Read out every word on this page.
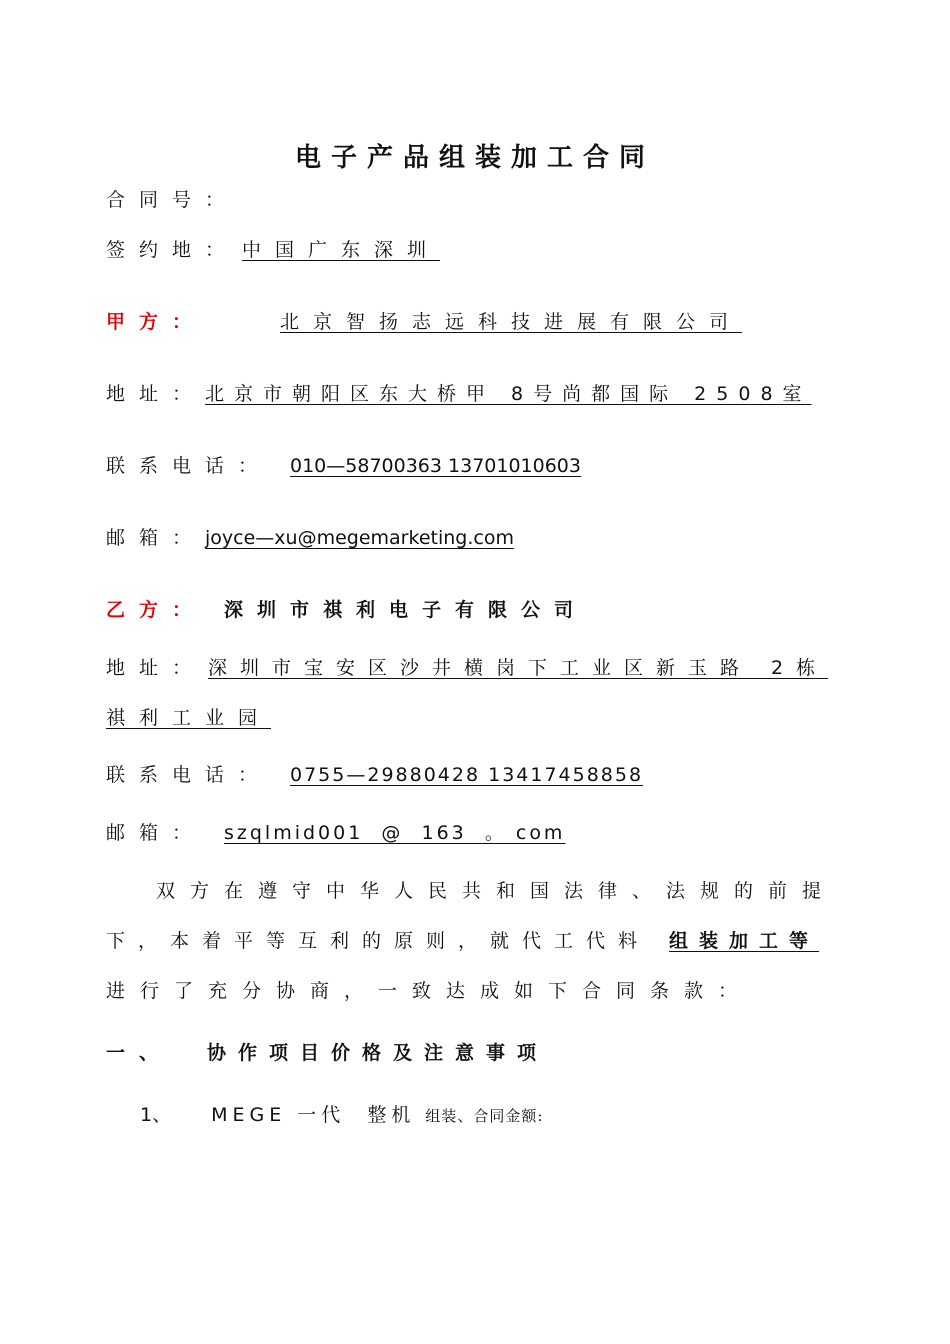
电子产品组装加工合同
合同号：
签约地： 中国广东深圳
甲方：	北京智扬志远科技进展有限公司
地址：北京市朝阳区东大桥甲 8号尚都国际 2508室
联系电话： 010—58700363 13701010603
邮箱：joyce—xu@megemarketing.com
乙方： 深圳市祺利电子有限公司
地址： 深圳市宝安区沙井横岗下工业区新玉路 2栋
祺利工业园
联系电话： 0755—29880428 13417458858
邮箱： szqlmid001  @  163  。 com
双方在遵守中华人民共和国法律、法规的前提
下，本着平等互利的原则，就代工代料 组装加工等
进行了充分协商，一致达成如下合同条款：
一、 协作项目价格及注意事项
1、 MEGE 一代  整机 组装、合同金额:
